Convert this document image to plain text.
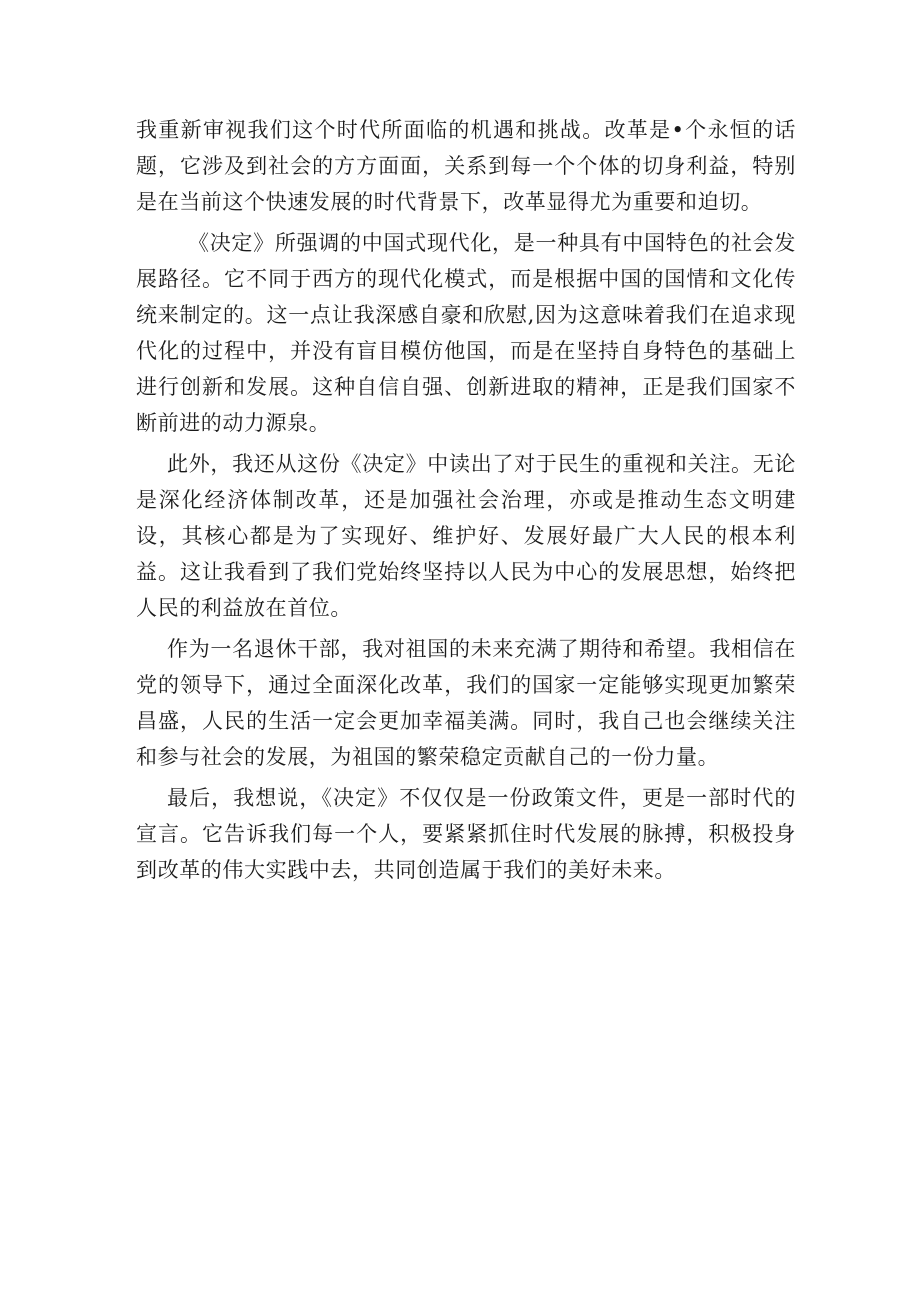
我重新审视我们这个时代所面临的机遇和挑战。改革是•个永恒的话题，它涉及到社会的方方面面，关系到每一个个体的切身利益，特别是在当前这个快速发展的时代背景下，改革显得尤为重要和迫切。

《决定》所强调的中国式现代化，是一种具有中国特色的社会发展路径。它不同于西方的现代化模式，而是根据中国的国情和文化传统来制定的。这一点让我深感自豪和欣慰,因为这意味着我们在追求现代化的过程中，并没有盲目模仿他国，而是在坚持自身特色的基础上进行创新和发展。这种自信自强、创新进取的精神，正是我们国家不断前进的动力源泉。

此外，我还从这份《决定》中读出了对于民生的重视和关注。无论是深化经济体制改革，还是加强社会治理，亦或是推动生态文明建设，其核心都是为了实现好、维护好、发展好最广大人民的根本利益。这让我看到了我们党始终坚持以人民为中心的发展思想，始终把人民的利益放在首位。

作为一名退休干部，我对祖国的未来充满了期待和希望。我相信在党的领导下，通过全面深化改革，我们的国家一定能够实现更加繁荣昌盛，人民的生活一定会更加幸福美满。同时，我自己也会继续关注和参与社会的发展，为祖国的繁荣稳定贡献自己的一份力量。

最后，我想说，《决定》不仅仅是一份政策文件，更是一部时代的宣言。它告诉我们每一个人，要紧紧抓住时代发展的脉搏，积极投身到改革的伟大实践中去，共同创造属于我们的美好未来。
